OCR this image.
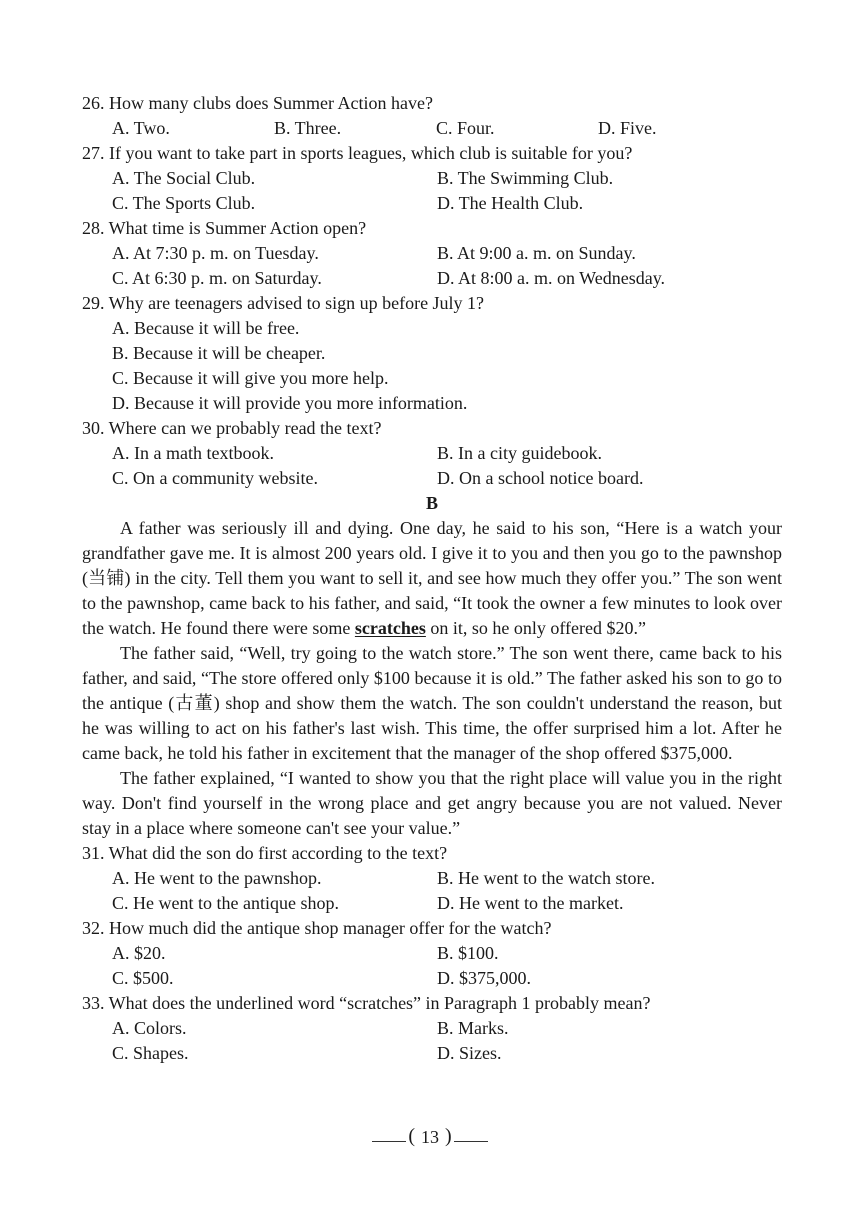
26. How many clubs does Summer Action have?
A. Two.	B. Three.	C. Four.	D. Five.
27. If you want to take part in sports leagues, which club is suitable for you?
A. The Social Club.	B. The Swimming Club.
C. The Sports Club.	D. The Health Club.
28. What time is Summer Action open?
A. At 7:30 p. m. on Tuesday.	B. At 9:00 a. m. on Sunday.
C. At 6:30 p. m. on Saturday.	D. At 8:00 a. m. on Wednesday.
29. Why are teenagers advised to sign up before July 1?
A. Because it will be free.
B. Because it will be cheaper.
C. Because it will give you more help.
D. Because it will provide you more information.
30. Where can we probably read the text?
A. In a math textbook.	B. In a city guidebook.
C. On a community website.	D. On a school notice board.
B
A father was seriously ill and dying. One day, he said to his son, “Here is a watch your grandfather gave me. It is almost 200 years old. I give it to you and then you go to the pawnshop (当铺) in the city. Tell them you want to sell it, and see how much they offer you.” The son went to the pawnshop, came back to his father, and said, “It took the owner a few minutes to look over the watch. He found there were some scratches on it, so he only offered $20.”
The father said, “Well, try going to the watch store.” The son went there, came back to his father, and said, “The store offered only $100 because it is old.” The father asked his son to go to the antique (古董) shop and show them the watch. The son couldn't understand the reason, but he was willing to act on his father's last wish. This time, the offer surprised him a lot. After he came back, he told his father in excitement that the manager of the shop offered $375,000.
The father explained, “I wanted to show you that the right place will value you in the right way. Don't find yourself in the wrong place and get angry because you are not valued. Never stay in a place where someone can't see your value.”
31. What did the son do first according to the text?
A. He went to the pawnshop.	B. He went to the watch store.
C. He went to the antique shop.	D. He went to the market.
32. How much did the antique shop manager offer for the watch?
A. $20.	B. $100.
C. $500.	D. $375,000.
33. What does the underlined word “scratches” in Paragraph 1 probably mean?
A. Colors.	B. Marks.
C. Shapes.	D. Sizes.
( 13 )
